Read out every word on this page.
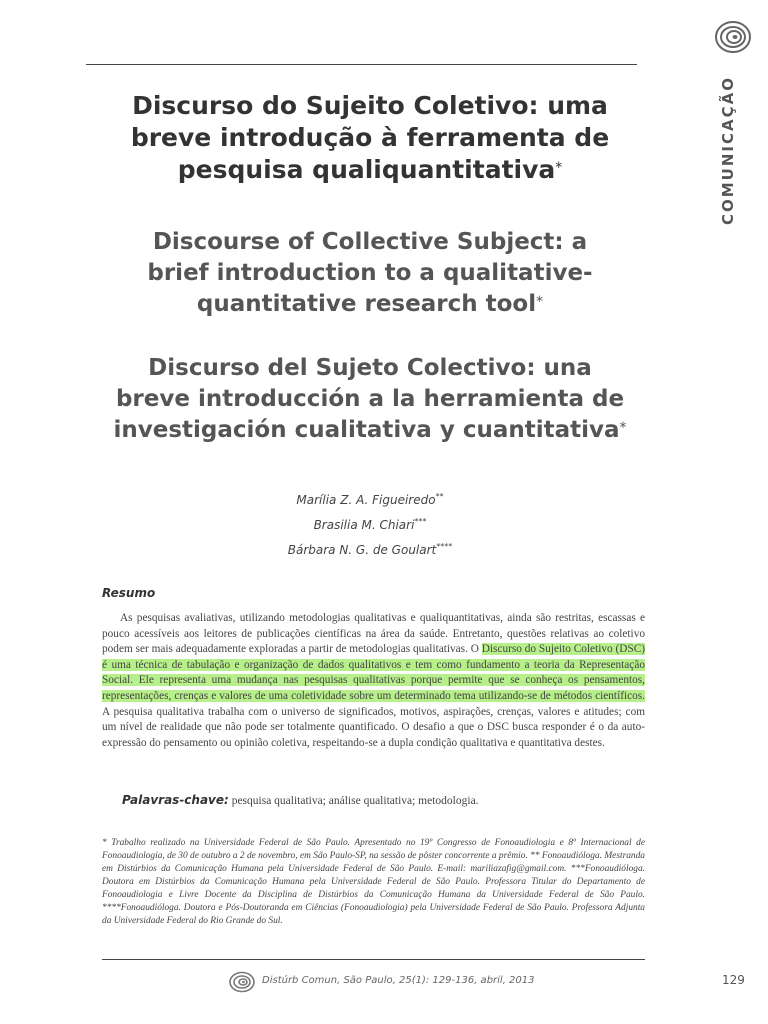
COMUNICAÇÃO
Discurso do Sujeito Coletivo: uma
breve introdução à ferramenta de
pesquisa qualiquantitativa*
Discourse of Collective Subject: a
brief introduction to a qualitative-
quantitative research tool*
Discurso del Sujeto Colectivo: una
breve introducción a la herramienta de
investigación cualitativa y cuantitativa*
Marília Z. A. Figueiredo**
Brasilia M. Chiari***
Bárbara N. G. de Goulart****
Resumo
As pesquisas avaliativas, utilizando metodologias qualitativas e qualiquantitativas, ainda são restritas, escassas e pouco acessíveis aos leitores de publicações científicas na área da saúde. Entretanto, questões relativas ao coletivo podem ser mais adequadamente exploradas a partir de metodologias qualitativas. O Discurso do Sujeito Coletivo (DSC) é uma técnica de tabulação e organização de dados qualitativos e tem como fundamento a teoria da Representação Social. Ele representa uma mudança nas pesquisas qualitativas porque permite que se conheça os pensamentos, representações, crenças e valores de uma coletividade sobre um determinado tema utilizando-se de métodos científicos. A pesquisa qualitativa trabalha com o universo de significados, motivos, aspirações, crenças, valores e atitudes; com um nível de realidade que não pode ser totalmente quantificado. O desafio a que o DSC busca responder é o da auto-expressão do pensamento ou opinião coletiva, respeitando-se a dupla condição qualitativa e quantitativa destes.
Palavras-chave: pesquisa qualitativa; análise qualitativa; metodologia.
* Trabalho realizado na Universidade Federal de São Paulo. Apresentado no 19º Congresso de Fonoaudiologia e 8º Internacional de Fonoaudiologia, de 30 de outubro a 2 de novembro, em São Paulo-SP, na sessão de pôster concorrente a prêmio. ** Fonoaudióloga. Mestranda em Distúrbios da Comunicação Humana pela Universidade Federal de São Paulo. E-mail: mariliazafig@gmail.com. ***Fonoaudióloga. Doutora em Distúrbios da Comunicação Humana pela Universidade Federal de São Paulo. Professora Titular do Departamento de Fonoaudiologia e Livre Docente da Disciplina de Distúrbios da Comunicação Humana da Universidade Federal de São Paulo. ****Fonoaudióloga. Doutora e Pós-Doutoranda em Ciências (Fonoaudiologia) pela Universidade Federal de São Paulo. Professora Adjunta da Universidade Federal do Rio Grande do Sul.
Distúrb Comun, São Paulo, 25(1): 129-136, abril, 2013	129
